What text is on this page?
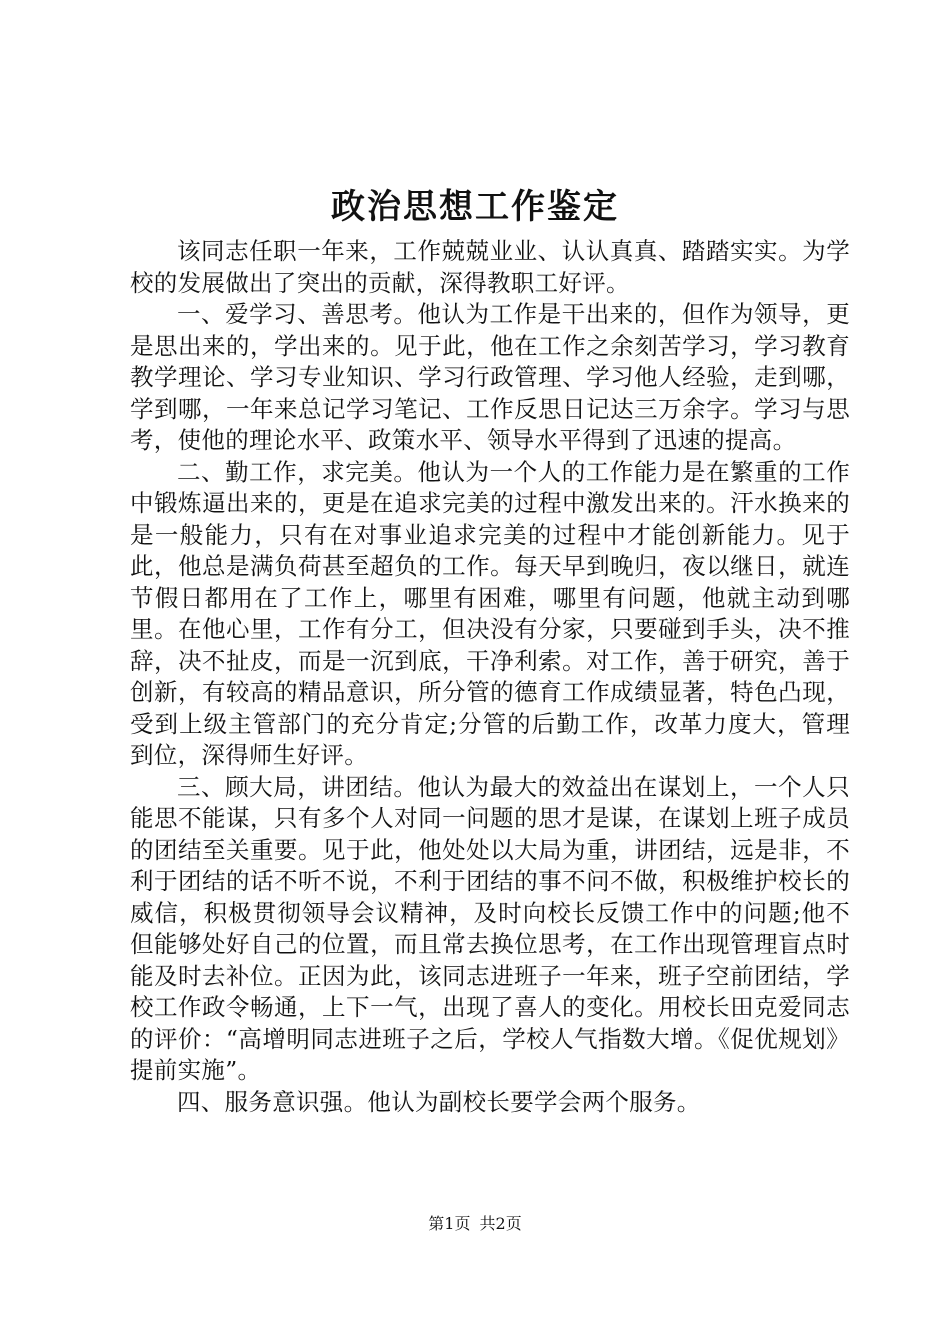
政治思想工作鉴定

该同志任职一年来，工作兢兢业业、认认真真、踏踏实实。为学校的发展做出了突出的贡献，深得教职工好评。

一、爱学习、善思考。他认为工作是干出来的，但作为领导，更是思出来的，学出来的。见于此，他在工作之余刻苦学习，学习教育教学理论、学习专业知识、学习行政管理、学习他人经验，走到哪，学到哪，一年来总记学习笔记、工作反思日记达三万余字。学习与思考，使他的理论水平、政策水平、领导水平得到了迅速的提高。

二、勤工作，求完美。他认为一个人的工作能力是在繁重的工作中锻炼逼出来的，更是在追求完美的过程中激发出来的。汗水换来的是一般能力，只有在对事业追求完美的过程中才能创新能力。见于此，他总是满负荷甚至超负的工作。每天早到晚归，夜以继日，就连节假日都用在了工作上，哪里有困难，哪里有问题，他就主动到哪里。在他心里，工作有分工，但决没有分家，只要碰到手头，决不推辞，决不扯皮，而是一沉到底，干净利索。对工作，善于研究，善于创新，有较高的精品意识，所分管的德育工作成绩显著，特色凸现，受到上级主管部门的充分肯定;分管的后勤工作，改革力度大，管理到位，深得师生好评。

三、顾大局，讲团结。他认为最大的效益出在谋划上，一个人只能思不能谋，只有多个人对同一问题的思才是谋，在谋划上班子成员的团结至关重要。见于此，他处处以大局为重，讲团结，远是非，不利于团结的话不听不说，不利于团结的事不问不做，积极维护校长的威信，积极贯彻领导会议精神，及时向校长反馈工作中的问题;他不但能够处好自己的位置，而且常去换位思考，在工作出现管理盲点时能及时去补位。正因为此，该同志进班子一年来，班子空前团结，学校工作政令畅通，上下一气，出现了喜人的变化。用校长田克爱同志的评价：“高增明同志进班子之后，学校人气指数大增。《促优规划》提前实施”。

四、服务意识强。他认为副校长要学会两个服务。

第1页 共2页
